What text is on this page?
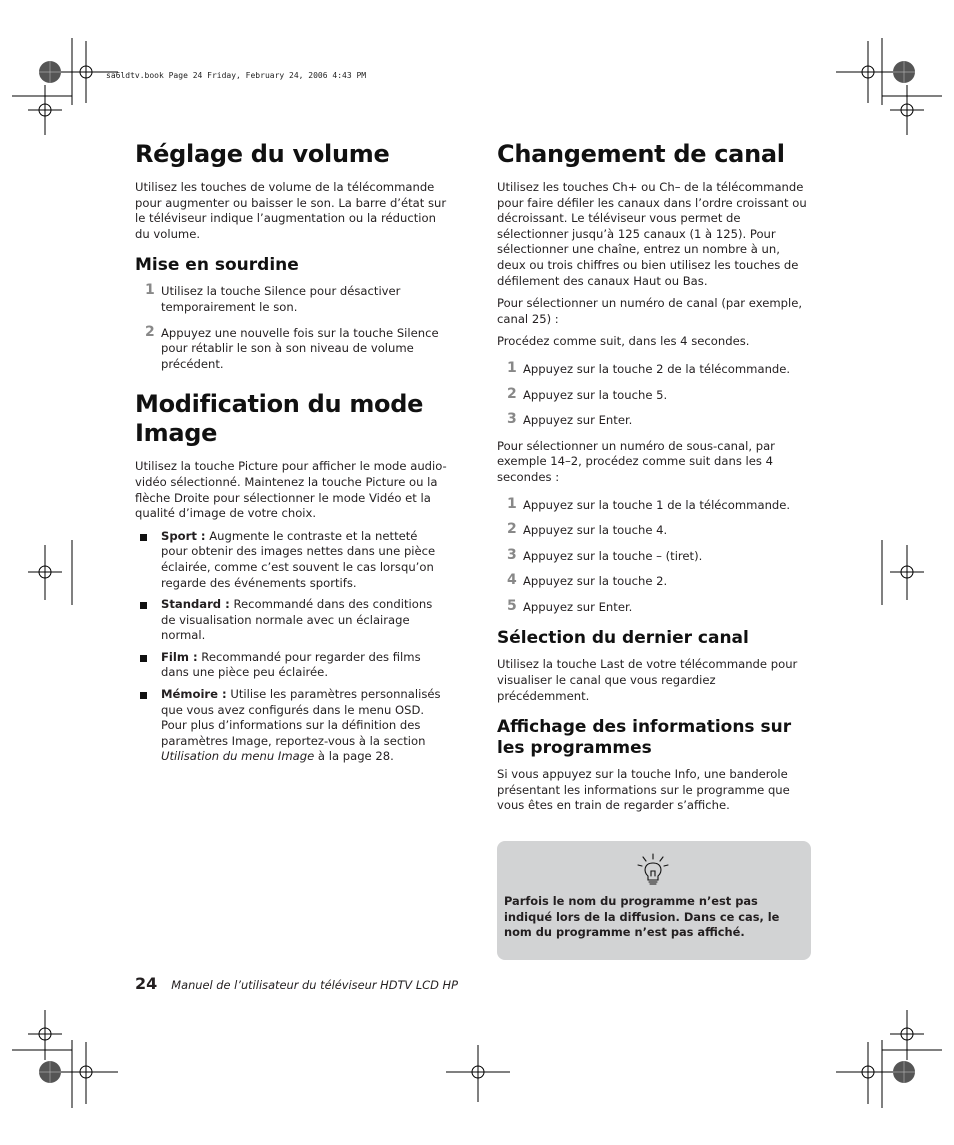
sa6ldtv.book Page 24 Friday, February 24, 2006 4:43 PM
Réglage du volume

Utilisez les touches de volume de la télécommande pour augmenter ou baisser le son. La barre d’état sur le téléviseur indique l’augmentation ou la réduction du volume.

Mise en sourdine
1 Utilisez la touche Silence pour désactiver temporairement le son.
2 Appuyez une nouvelle fois sur la touche Silence pour rétablir le son à son niveau de volume précédent.
Modification du mode Image

Utilisez la touche Picture pour afficher le mode audio-vidéo sélectionné. Maintenez la touche Picture ou la flèche Droite pour sélectionner le mode Vidéo et la qualité d’image de votre choix.

Sport : Augmente le contraste et la netteté pour obtenir des images nettes dans une pièce éclairée, comme c’est souvent le cas lorsqu’on regarde des événements sportifs.
Standard : Recommandé dans des conditions de visualisation normale avec un éclairage normal.
Film : Recommandé pour regarder des films dans une pièce peu éclairée.
Mémoire : Utilise les paramètres personnalisés que vous avez configurés dans le menu OSD. Pour plus d’informations sur la définition des paramètres Image, reportez-vous à la section Utilisation du menu Image à la page 28.
Changement de canal

Utilisez les touches Ch+ ou Ch– de la télécommande pour faire défiler les canaux dans l’ordre croissant ou décroissant. Le téléviseur vous permet de sélectionner jusqu’à 125 canaux (1 à 125). Pour sélectionner une chaîne, entrez un nombre à un, deux ou trois chiffres ou bien utilisez les touches de défilement des canaux Haut ou Bas.

Pour sélectionner un numéro de canal (par exemple, canal 25) :

Procédez comme suit, dans les 4 secondes.

1 Appuyez sur la touche 2 de la télécommande.
2 Appuyez sur la touche 5.
3 Appuyez sur Enter.

Pour sélectionner un numéro de sous-canal, par exemple 14–2, procédez comme suit dans les 4 secondes :

1 Appuyez sur la touche 1 de la télécommande.
2 Appuyez sur la touche 4.
3 Appuyez sur la touche – (tiret).
4 Appuyez sur la touche 2.
5 Appuyez sur Enter.
Sélection du dernier canal

Utilisez la touche Last de votre télécommande pour visualiser le canal que vous regardiez précédemment.

Affichage des informations sur les programmes

Si vous appuyez sur la touche Info, une banderole présentant les informations sur le programme que vous êtes en train de regarder s’affiche.

Parfois le nom du programme n’est pas indiqué lors de la diffusion. Dans ce cas, le nom du programme n’est pas affiché.

24 Manuel de l’utilisateur du téléviseur HDTV LCD HP
